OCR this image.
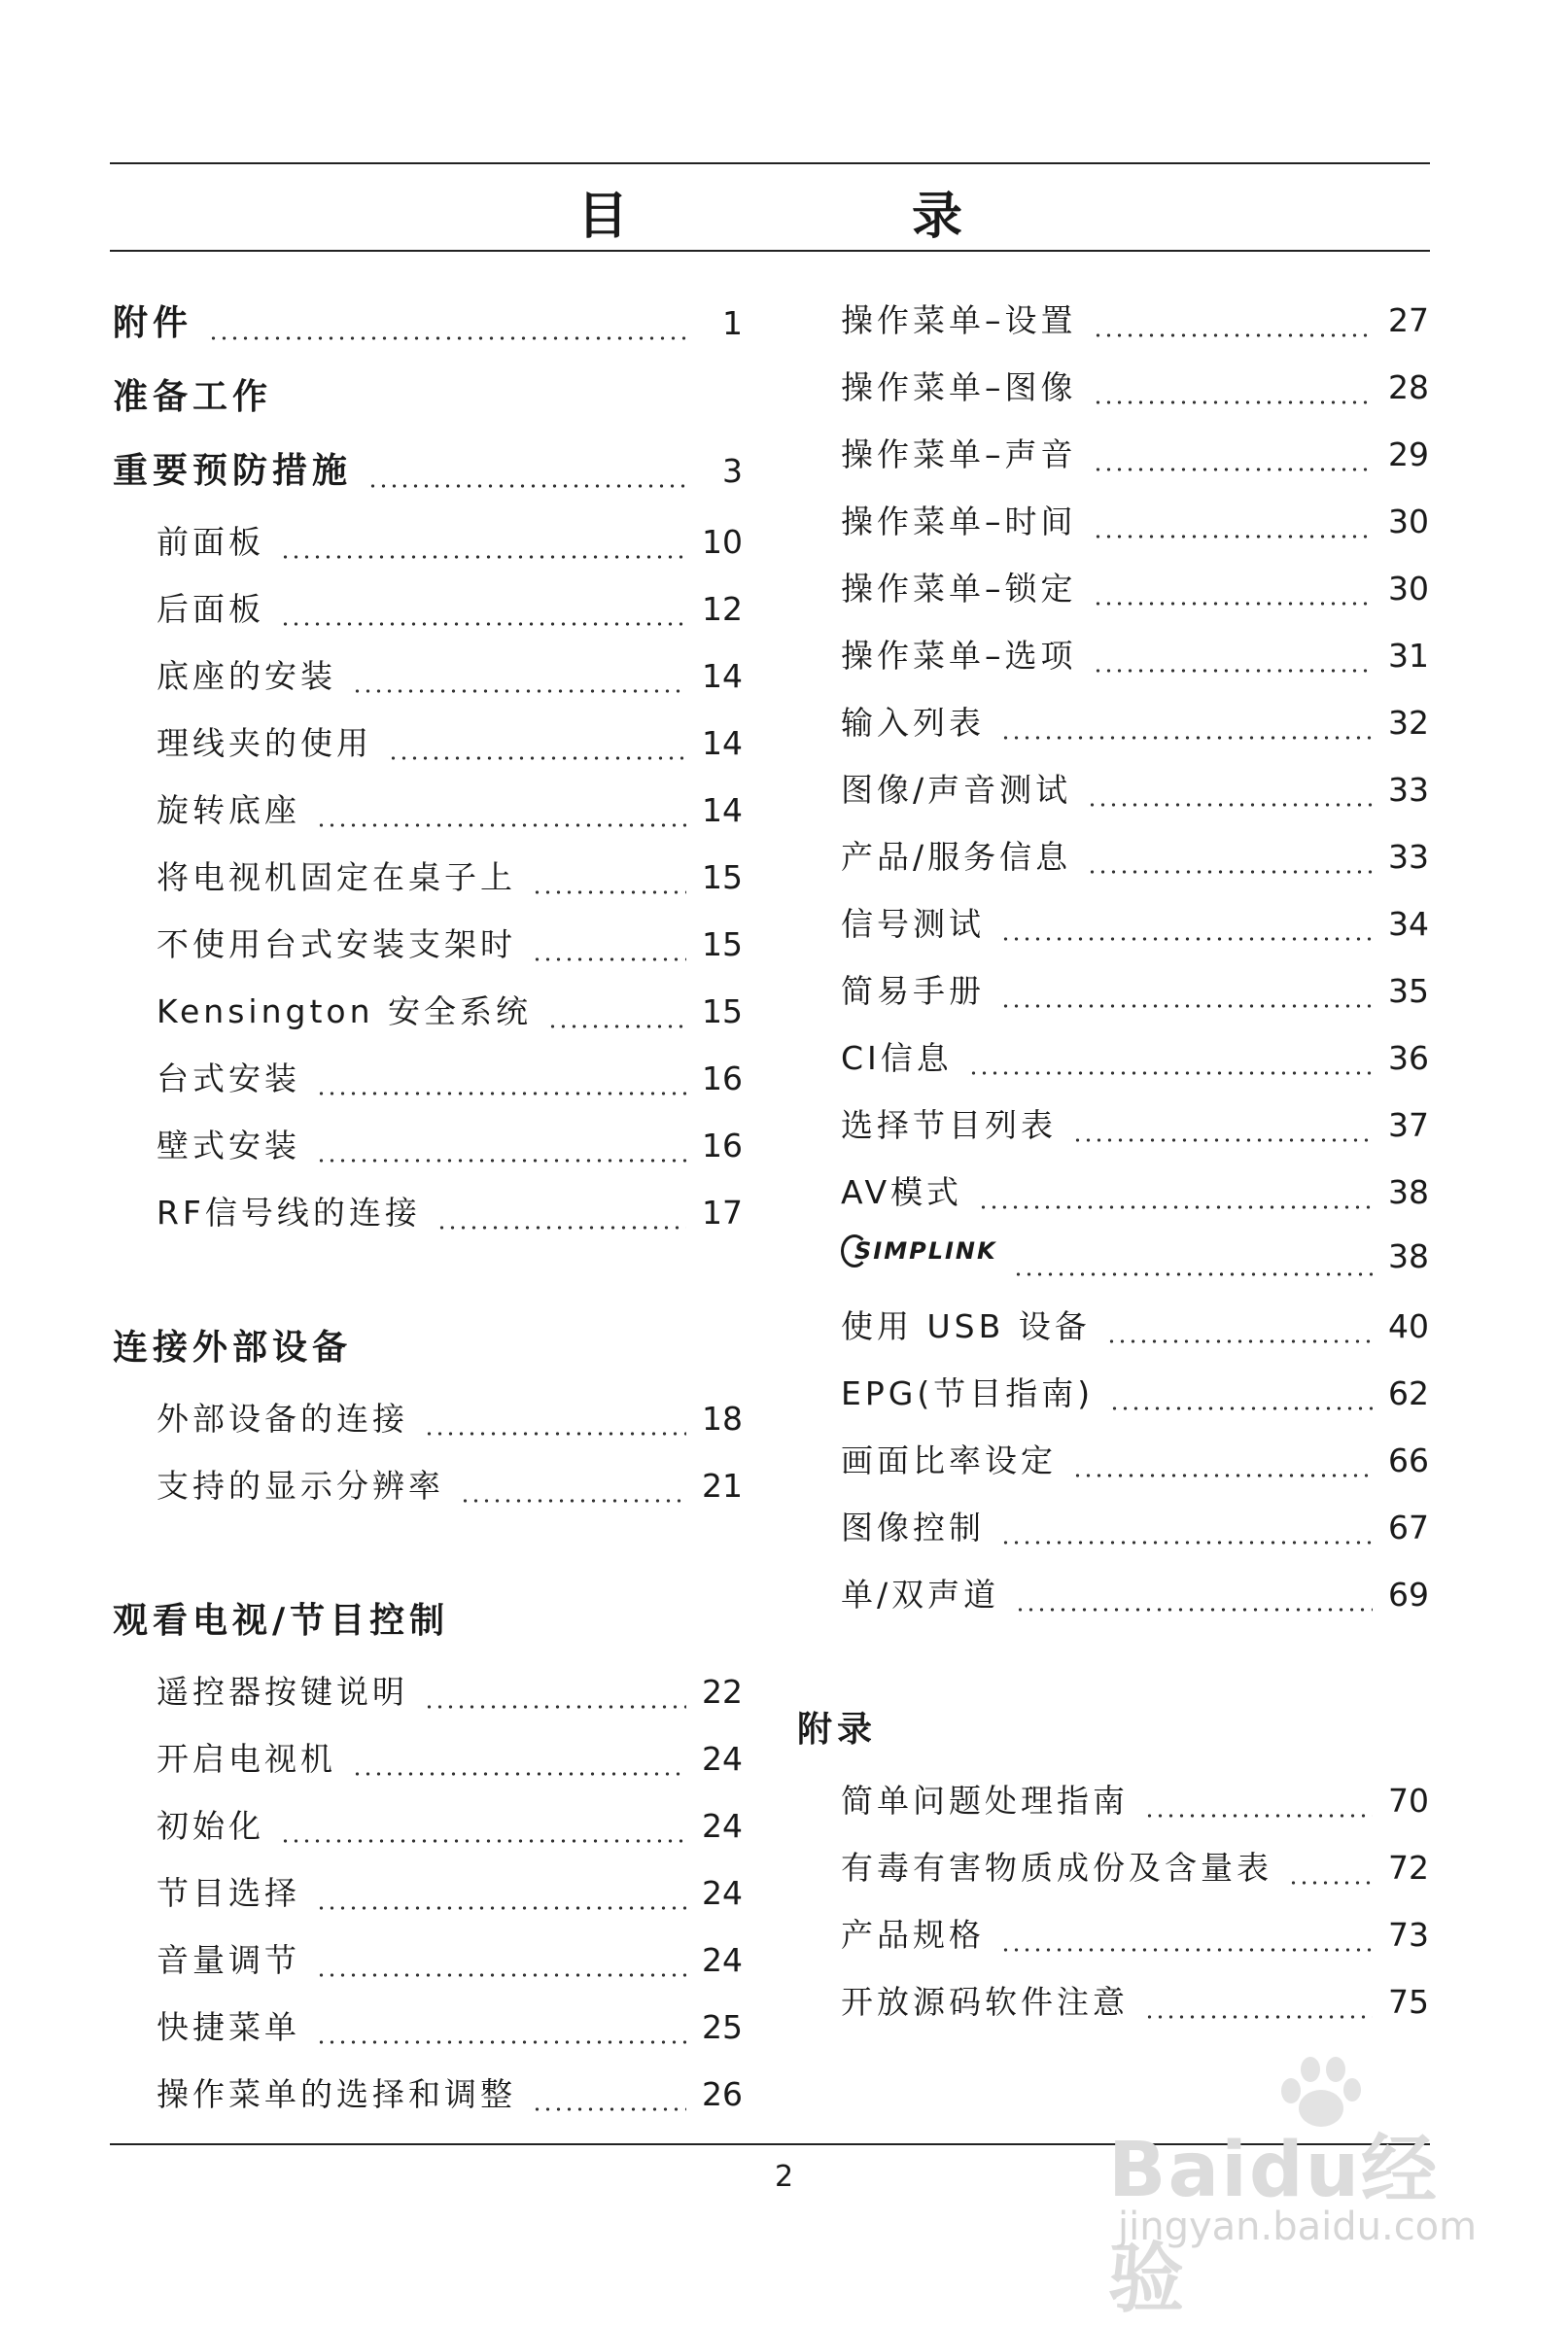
目　录
附件	1
准备工作
重要预防措施	3
前面板	10
后面板	12
底座的安装	14
理线夹的使用	14
旋转底座	14
将电视机固定在桌子上	15
不使用台式安装支架时	15
Kensington 安全系统	15
台式安装	16
壁式安装	16
RF信号线的连接	17
连接外部设备
外部设备的连接	18
支持的显示分辨率	21
观看电视/节目控制
遥控器按键说明	22
开启电视机	24
初始化	24
节目选择	24
音量调节	24
快捷菜单	25
操作菜单的选择和调整	26
操作菜单–设置	27
操作菜单–图像	28
操作菜单–声音	29
操作菜单–时间	30
操作菜单–锁定	30
操作菜单–选项	31
输入列表	32
图像/声音测试	33
产品/服务信息	33
信号测试	34
简易手册	35
CI信息	36
选择节目列表	37
AV模式	38
SIMPLINK	38
使用 USB 设备	40
EPG(节目指南)	62
画面比率设定	66
图像控制	67
单/双声道	69
附录
简单问题处理指南	70
有毒有害物质成份及含量表	72
产品规格	73
开放源码软件注意	75
2	Baidu经验
jingyan.baidu.com
